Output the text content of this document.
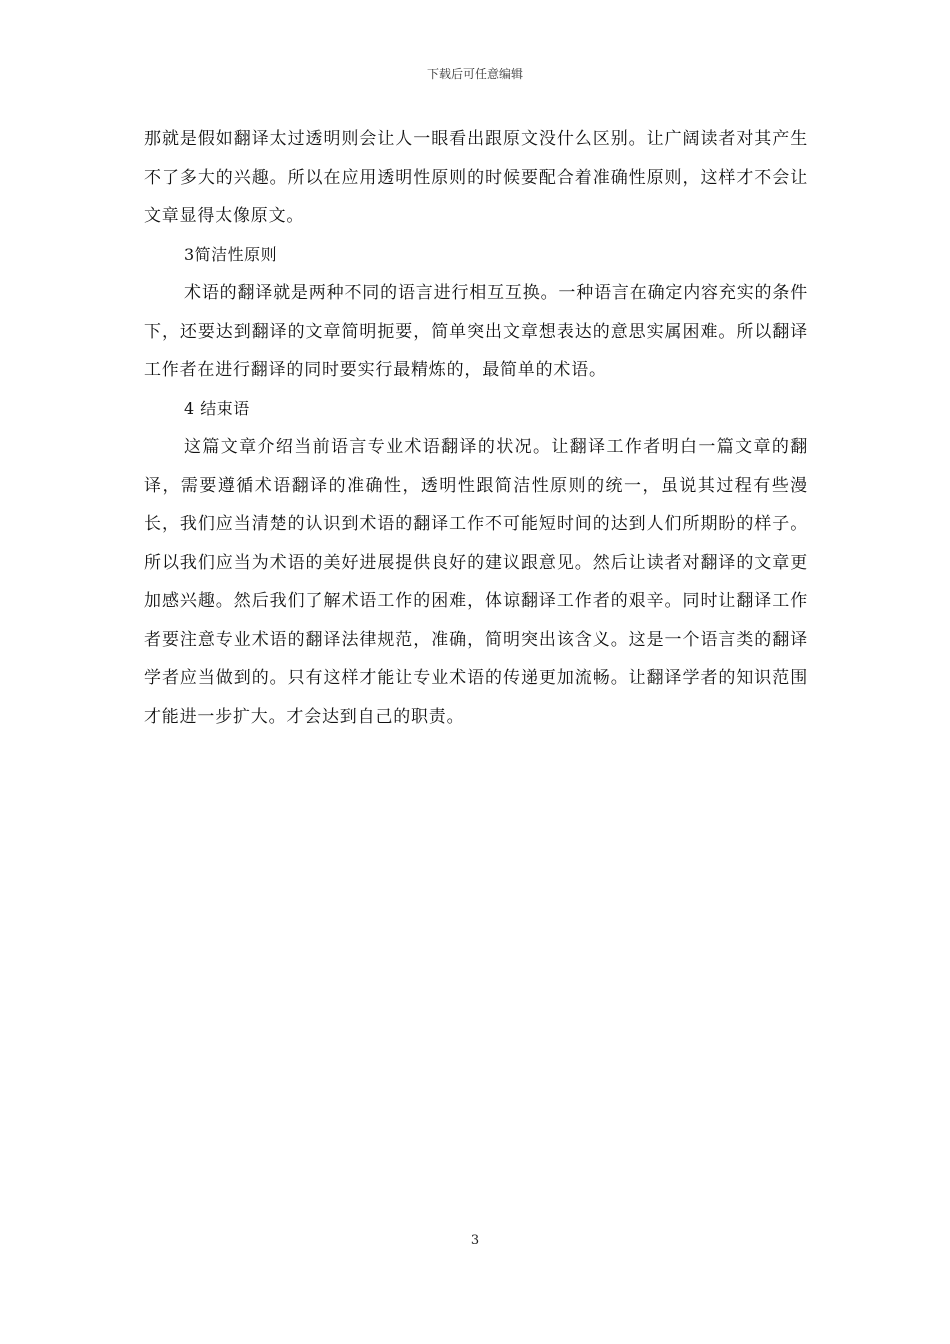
下载后可任意编辑

那就是假如翻译太过透明则会让人一眼看出跟原文没什么区别。让广阔读者对其产生不了多大的兴趣。所以在应用透明性原则的时候要配合着准确性原则，这样才不会让文章显得太像原文。

3简洁性原则

术语的翻译就是两种不同的语言进行相互互换。一种语言在确定内容充实的条件下，还要达到翻译的文章简明扼要，简单突出文章想表达的意思实属困难。所以翻译工作者在进行翻译的同时要实行最精炼的，最简单的术语。

4 结束语

这篇文章介绍当前语言专业术语翻译的状况。让翻译工作者明白一篇文章的翻译，需要遵循术语翻译的准确性，透明性跟简洁性原则的统一，虽说其过程有些漫长，我们应当清楚的认识到术语的翻译工作不可能短时间的达到人们所期盼的样子。所以我们应当为术语的美好进展提供良好的建议跟意见。然后让读者对翻译的文章更加感兴趣。然后我们了解术语工作的困难，体谅翻译工作者的艰辛。同时让翻译工作者要注意专业术语的翻译法律规范，准确，简明突出该含义。这是一个语言类的翻译学者应当做到的。只有这样才能让专业术语的传递更加流畅。让翻译学者的知识范围才能进一步扩大。才会达到自己的职责。

3
